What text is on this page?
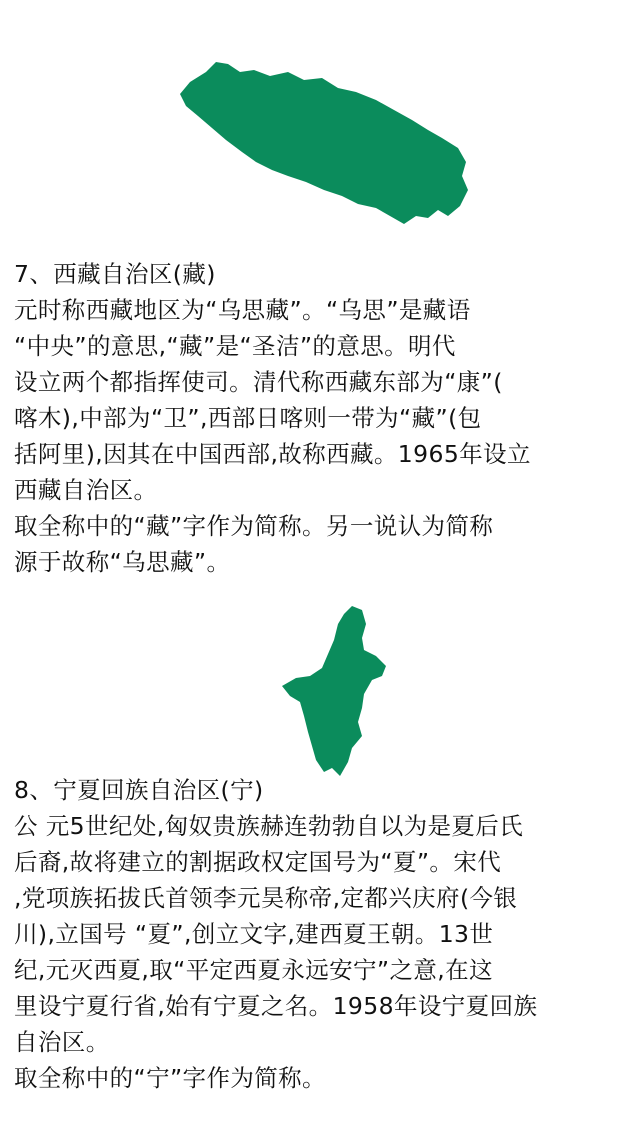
7、西藏自治区(藏)
元时称西藏地区为“乌思藏”。“乌思”是藏语
“中央”的意思,“藏”是“圣洁”的意思。明代
设立两个都指挥使司。清代称西藏东部为“康”(
喀木),中部为“卫”,西部日喀则一带为“藏”(包
括阿里),因其在中国西部,故称西藏。1965年设立
西藏自治区。
取全称中的“藏”字作为简称。另一说认为简称
源于故称“乌思藏”。
8、宁夏回族自治区(宁)
公 元5世纪处,匈奴贵族赫连勃勃自以为是夏后氏
后裔,故将建立的割据政权定国号为“夏”。宋代
,党项族拓拔氏首领李元昊称帝,定都兴庆府(今银
川),立国号 “夏”,创立文字,建西夏王朝。13世
纪,元灭西夏,取“平定西夏永远安宁”之意,在这
里设宁夏行省,始有宁夏之名。1958年设宁夏回族
自治区。
取全称中的“宁”字作为简称。
